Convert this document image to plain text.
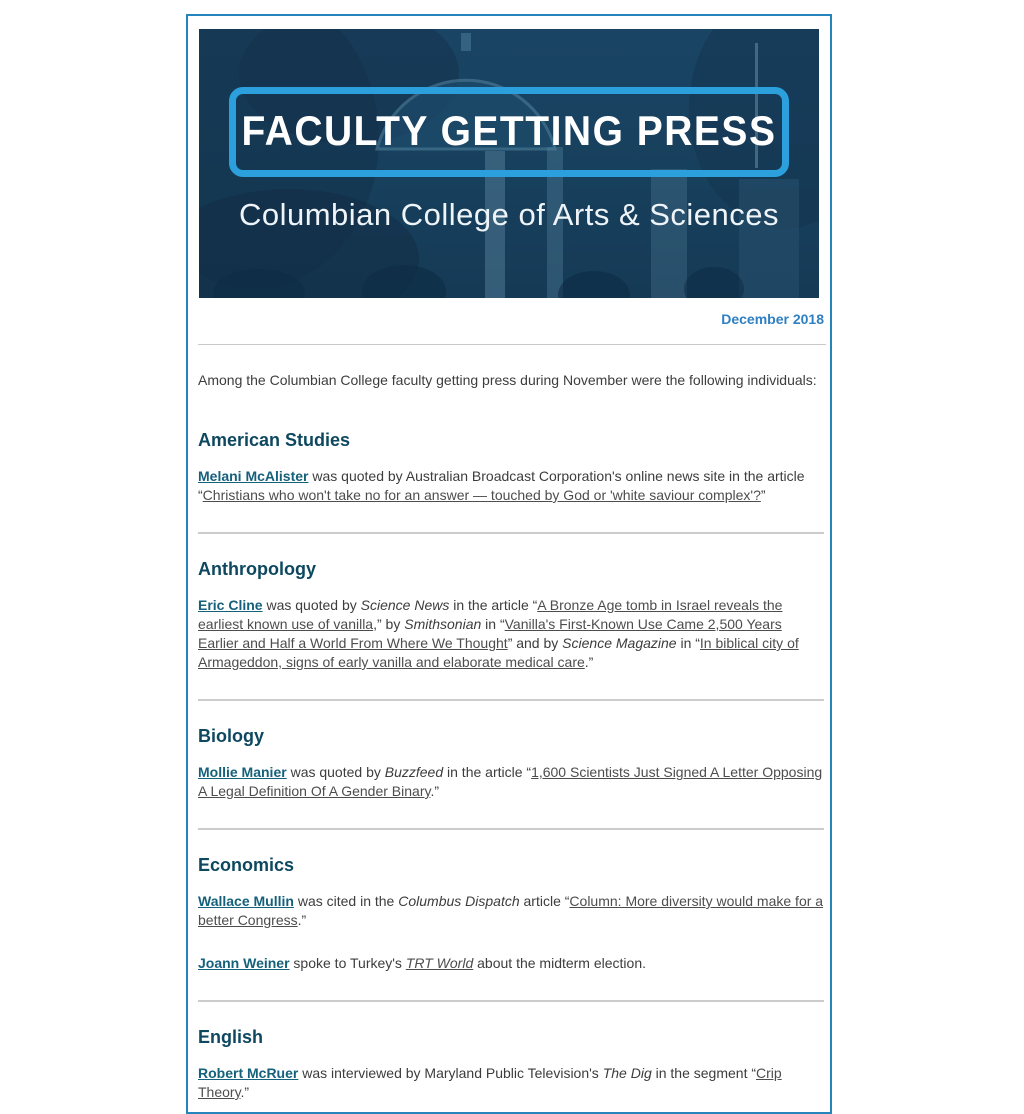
FACULTY GETTING PRESS
Columbian College of Arts & Sciences
December 2018

Among the Columbian College faculty getting press during November were the following individuals:

American Studies

Melani McAlister was quoted by Australian Broadcast Corporation's online news site in the article “Christians who won't take no for an answer — touched by God or 'white saviour complex'?”

Anthropology

Eric Cline was quoted by Science News in the article “A Bronze Age tomb in Israel reveals the earliest known use of vanilla,” by Smithsonian in “Vanilla's First-Known Use Came 2,500 Years Earlier and Half a World From Where We Thought” and by Science Magazine in “In biblical city of Armageddon, signs of early vanilla and elaborate medical care.”

Biology

Mollie Manier was quoted by Buzzfeed in the article “1,600 Scientists Just Signed A Letter Opposing A Legal Definition Of A Gender Binary.”

Economics

Wallace Mullin was cited in the Columbus Dispatch article “Column: More diversity would make for a better Congress.”

Joann Weiner spoke to Turkey's TRT World about the midterm election.

English

Robert McRuer was interviewed by Maryland Public Television's The Dig in the segment “Crip Theory.”
